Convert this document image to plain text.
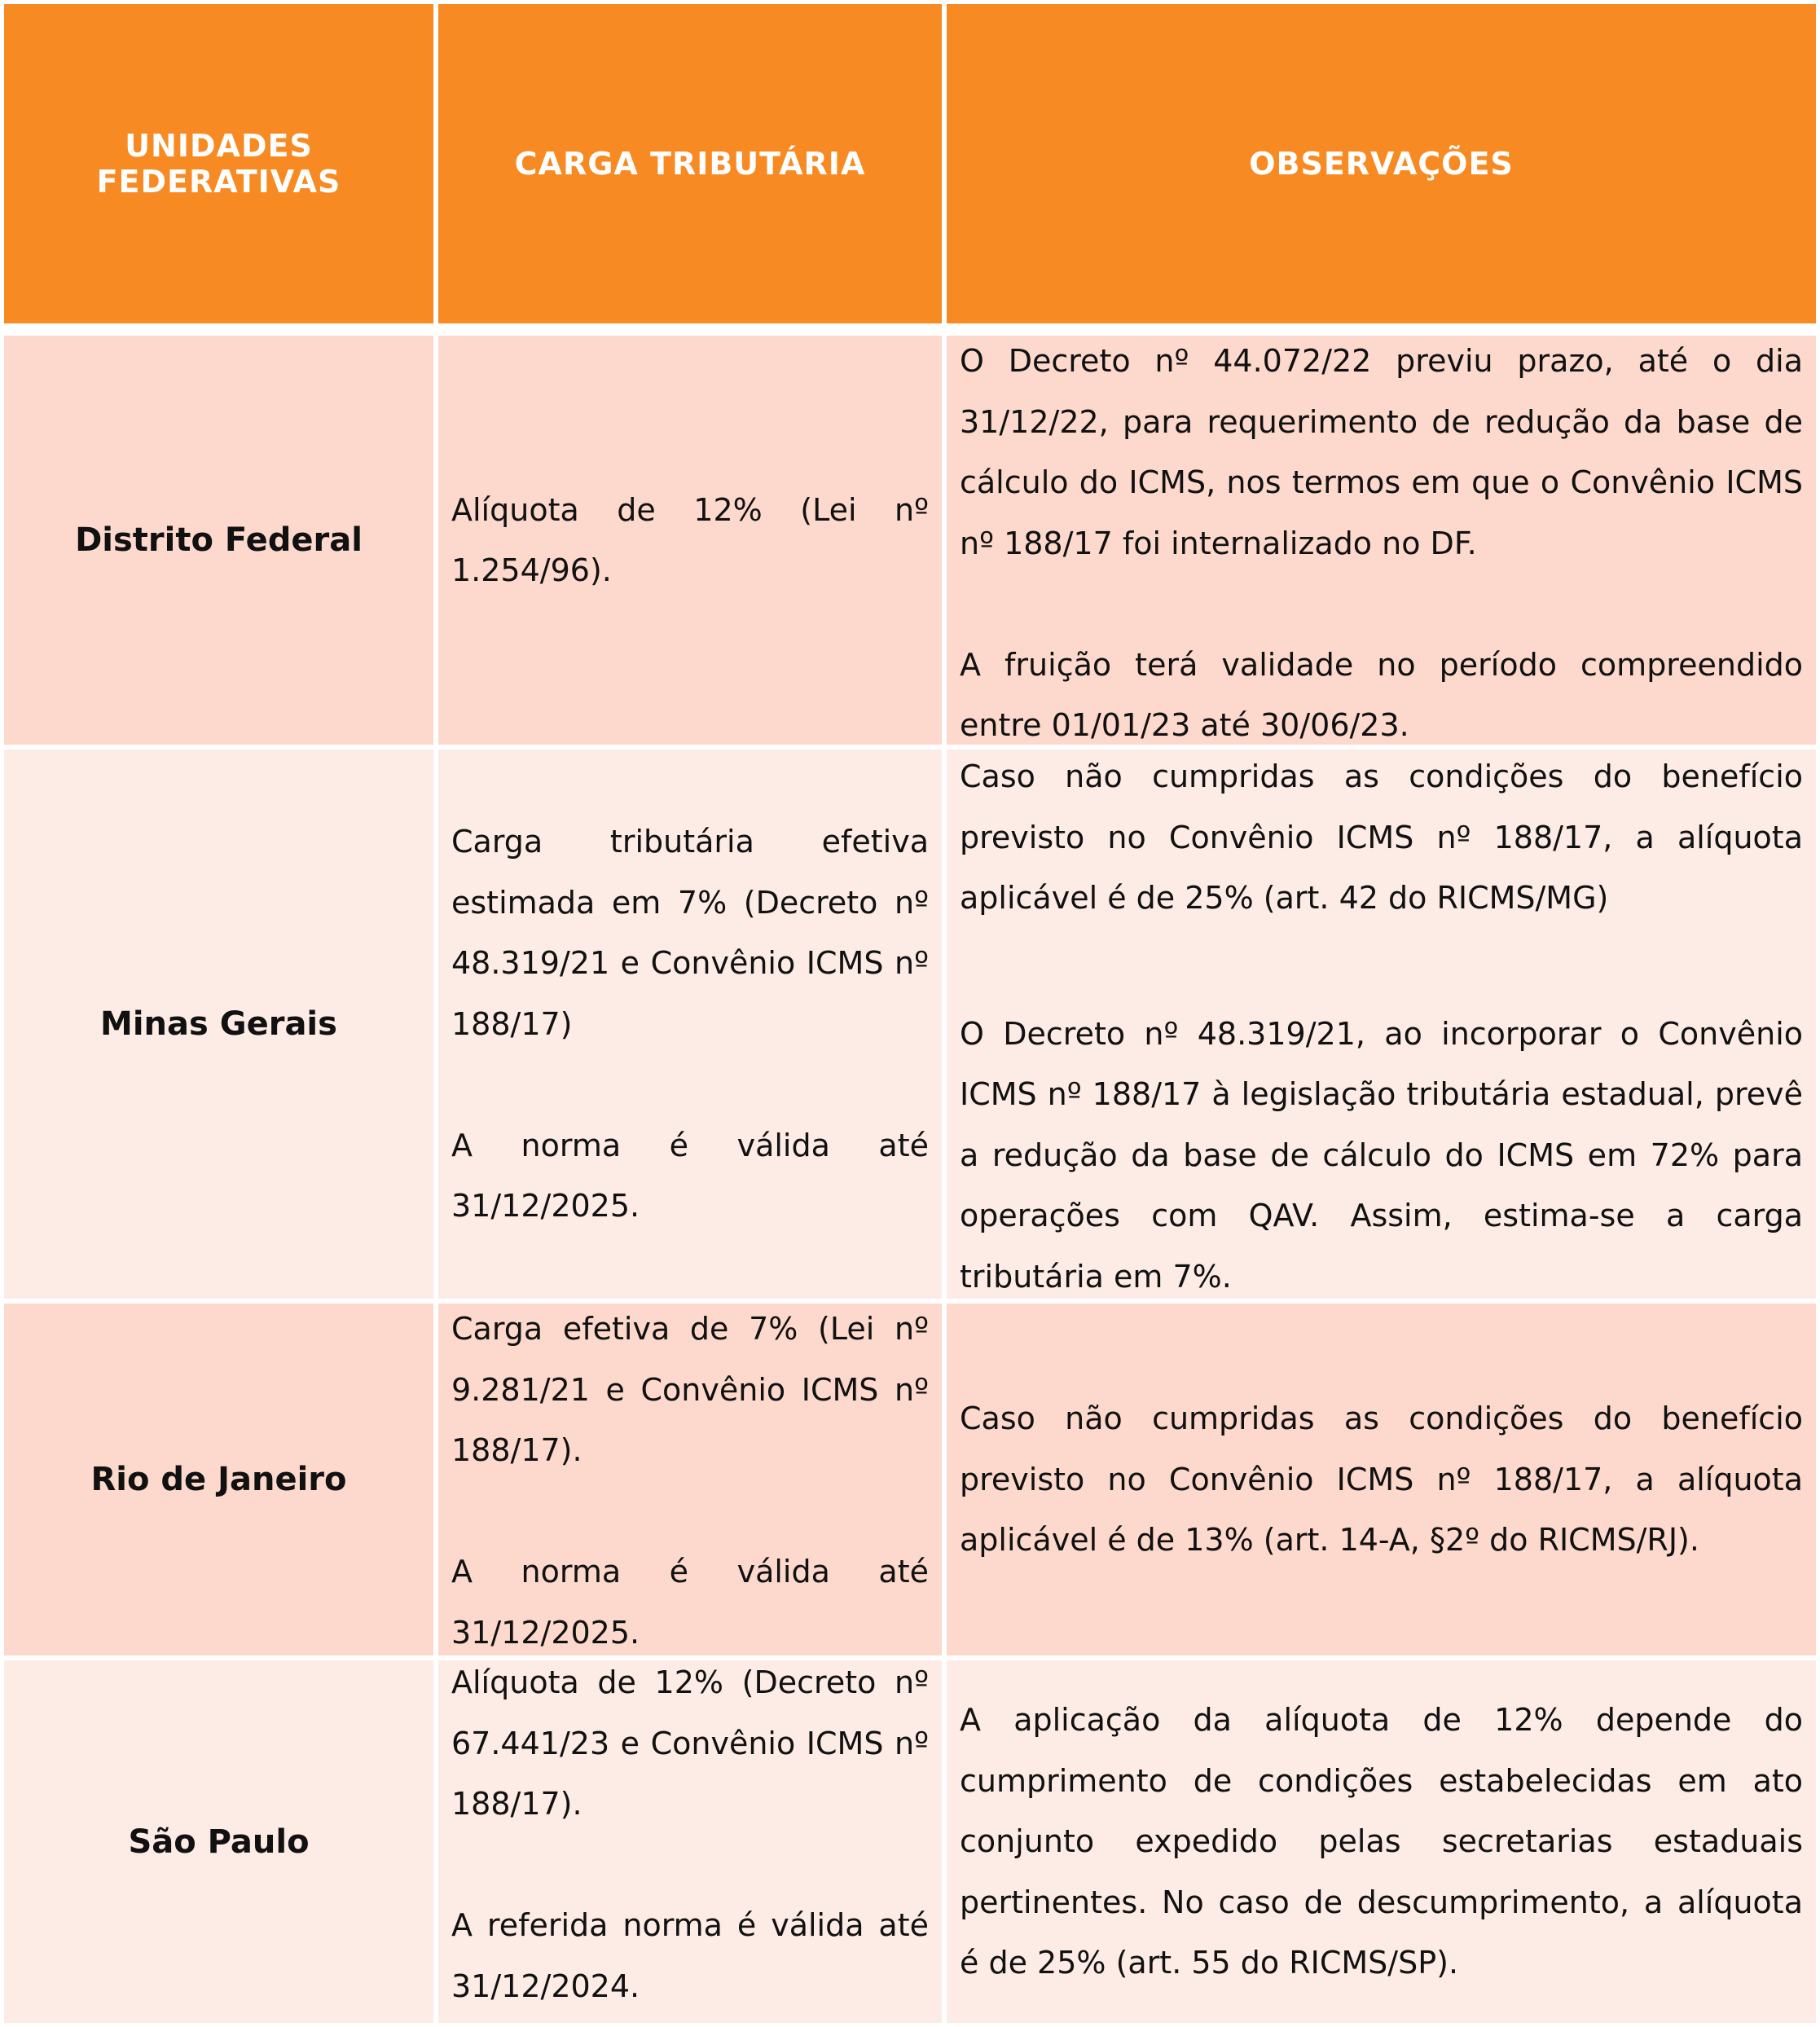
UNIDADES FEDERATIVAS	CARGA TRIBUTÁRIA	OBSERVAÇÕES
Distrito Federal

Alíquota de 12% (Lei nº 1.254/96).

O Decreto nº 44.072/22 previu prazo, até o dia 31/12/22, para requerimento de redução da base de cálculo do ICMS, nos termos em que o Convênio ICMS nº 188/17 foi internalizado no DF.

A fruição terá validade no período compreendido entre 01/01/23 até 30/06/23.

Minas Gerais

Carga tributária efetiva estimada em 7% (Decreto nº 48.319/21 e Convênio ICMS nº 188/17)

A norma é válida até 31/12/2025.

Caso não cumpridas as condições do benefício previsto no Convênio ICMS nº 188/17, a alíquota aplicável é de 25% (art. 42 do RICMS/MG)

O Decreto nº 48.319/21, ao incorporar o Convênio ICMS nº 188/17 à legislação tributária estadual, prevê a redução da base de cálculo do ICMS em 72% para operações com QAV. Assim, estima-se a carga tributária em 7%.

Rio de Janeiro

Carga efetiva de 7% (Lei nº 9.281/21 e Convênio ICMS nº 188/17).

A norma é válida até 31/12/2025.

Caso não cumpridas as condições do benefício previsto no Convênio ICMS nº 188/17, a alíquota aplicável é de 13% (art. 14-A, §2º do RICMS/RJ).

São Paulo

Alíquota de 12% (Decreto nº 67.441/23 e Convênio ICMS nº 188/17).

A referida norma é válida até 31/12/2024.

A aplicação da alíquota de 12% depende do cumprimento de condições estabelecidas em ato conjunto expedido pelas secretarias estaduais pertinentes. No caso de descumprimento, a alíquota é de 25% (art. 55 do RICMS/SP).
